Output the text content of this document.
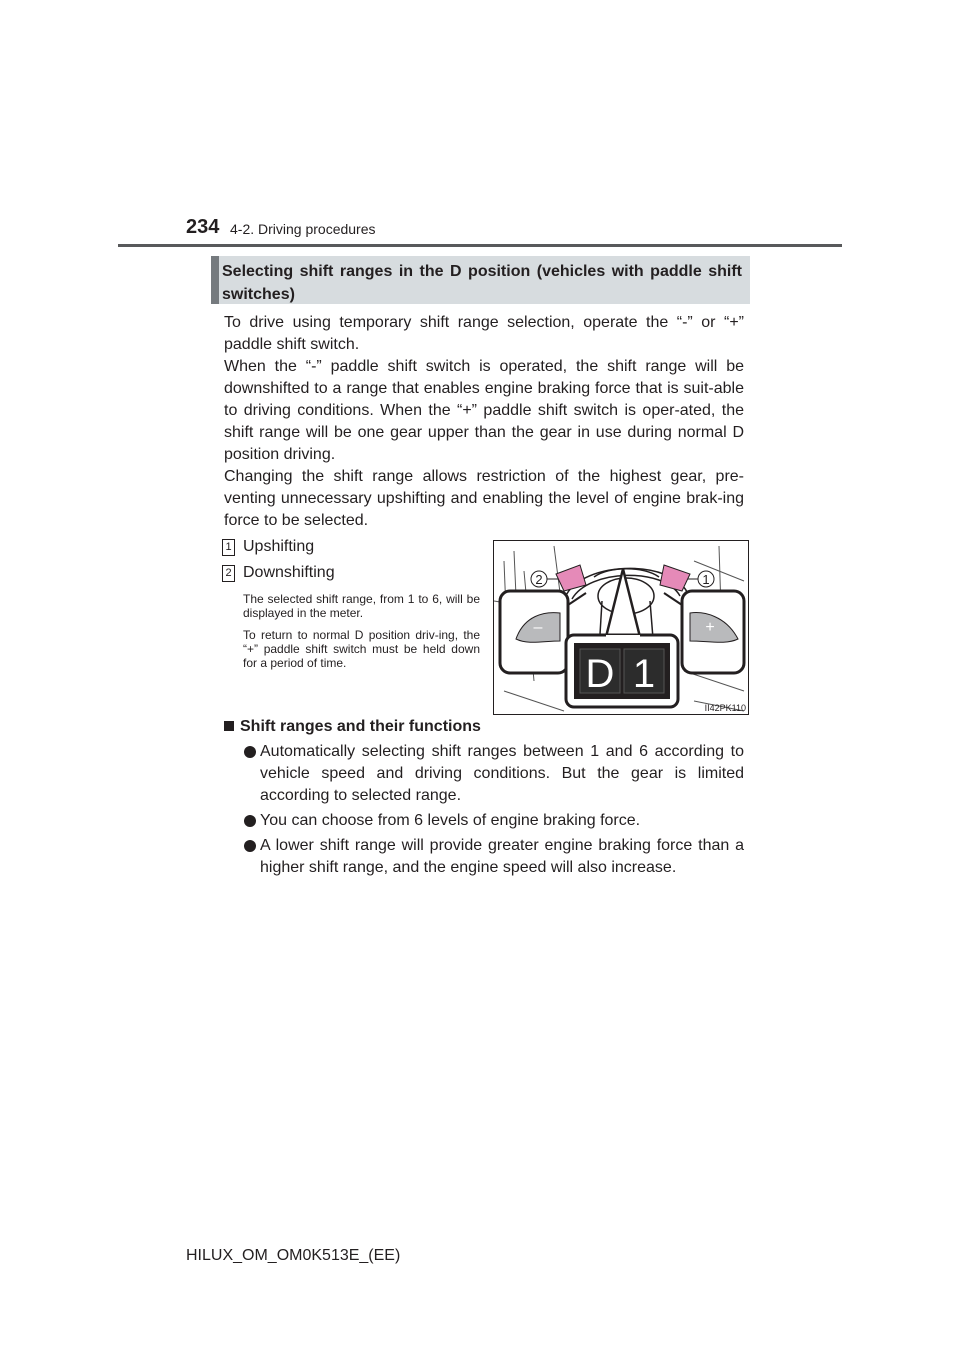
234 4-2. Driving procedures
Selecting shift ranges in the D position (vehicles with paddle shift switches)

To drive using temporary shift range selection, operate the “-” or “+” paddle shift switch.

When the “-” paddle shift switch is operated, the shift range will be downshifted to a range that enables engine braking force that is suit-able to driving conditions. When the “+” paddle shift switch is oper-ated, the shift range will be one gear upper than the gear in use during normal D position driving.

Changing the shift range allows restriction of the highest gear, pre-venting unnecessary upshifting and enabling the level of engine brak-ing force to be selected.

1 Upshifting
2 Downshifting

The selected shift range, from 1 to 6, will be displayed in the meter.

To return to normal D position driv-ing, the “+” paddle shift switch must be held down for a period of time.

2	1
–	+
D 1
II42PK110
Shift ranges and their functions
Automatically selecting shift ranges between 1 and 6 according to vehicle speed and driving conditions. But the gear is limited according to selected range.
You can choose from 6 levels of engine braking force.
A lower shift range will provide greater engine braking force than a higher shift range, and the engine speed will also increase.
HILUX_OM_OM0K513E_(EE)
